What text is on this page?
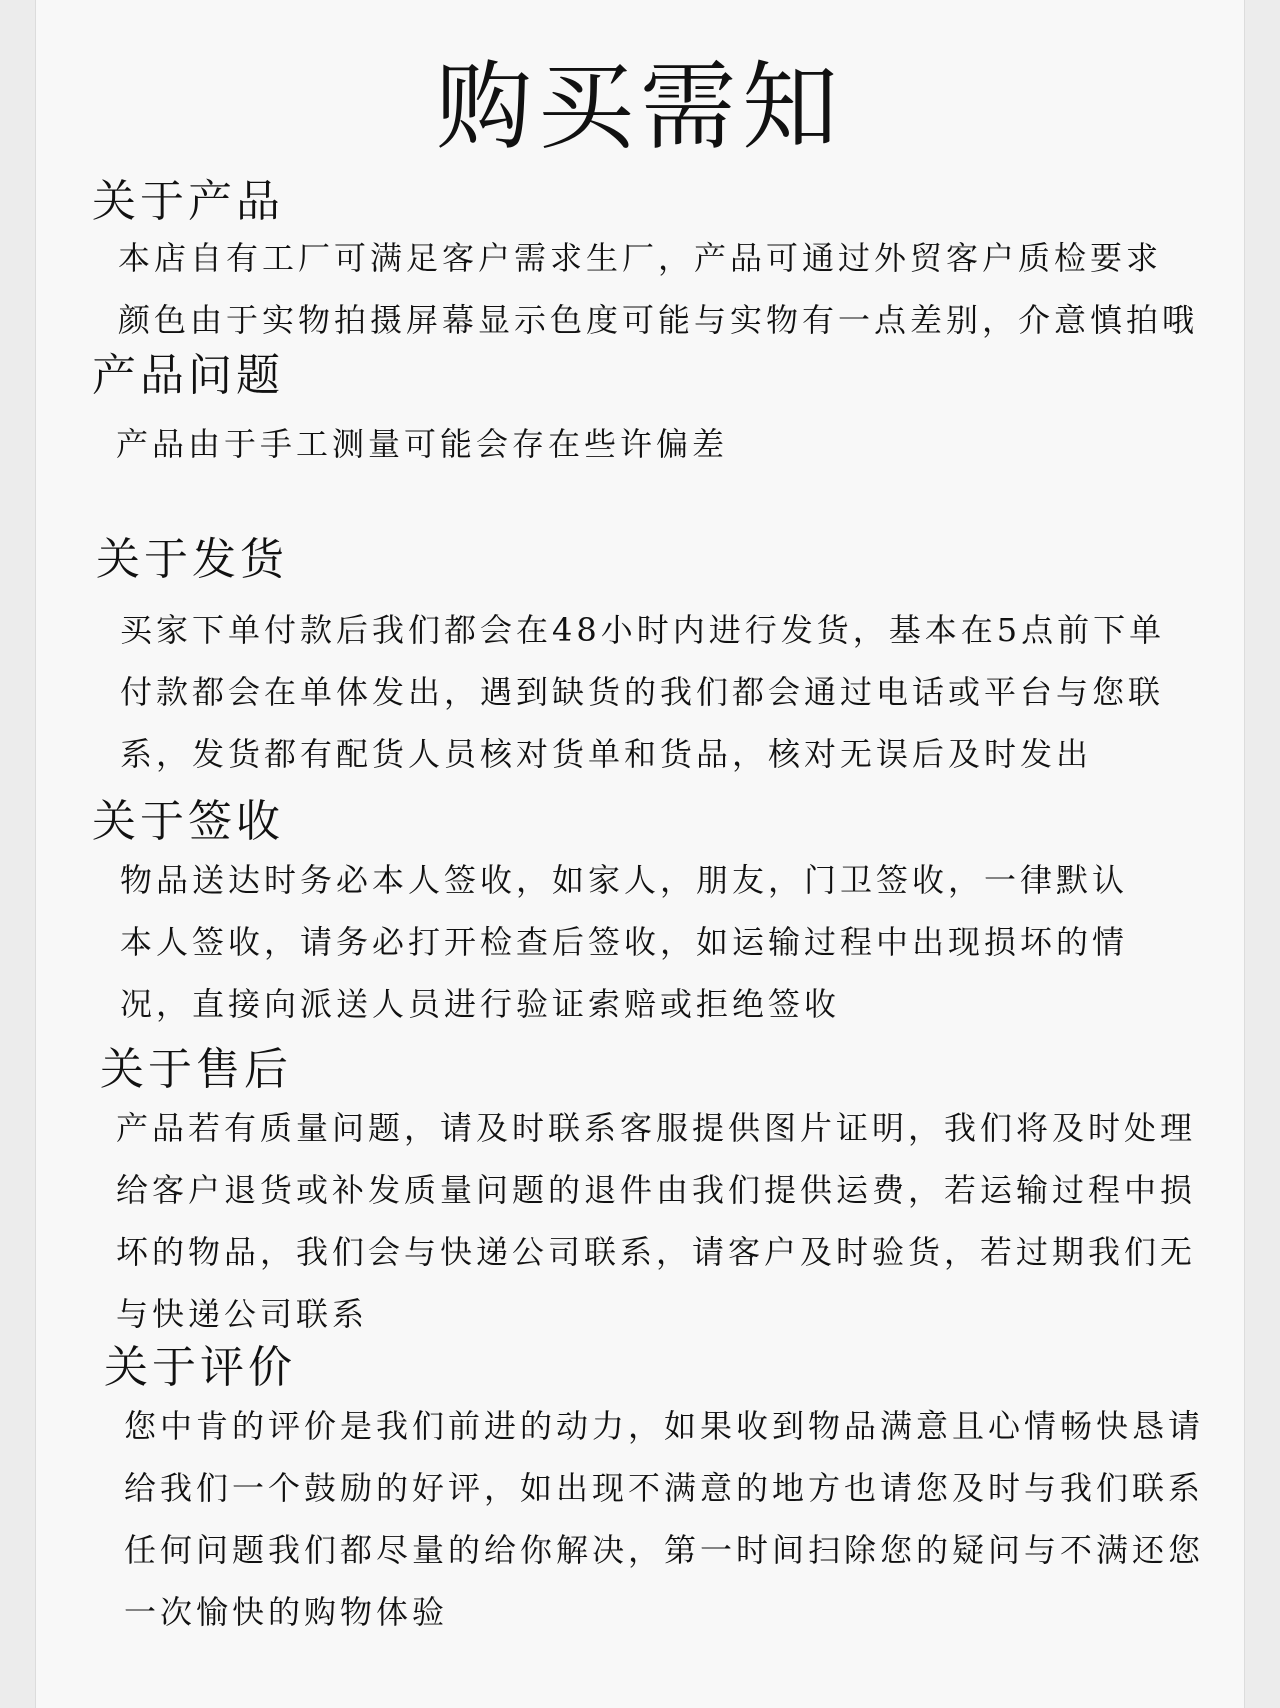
购买需知
关于产品

本店自有工厂可满足客户需求生厂，产品可通过外贸客户质检要求

颜色由于实物拍摄屏幕显示色度可能与实物有一点差别，介意慎拍哦

产品问题

产品由于手工测量可能会存在些许偏差

关于发货

买家下单付款后我们都会在48小时内进行发货，基本在5点前下单

付款都会在单体发出，遇到缺货的我们都会通过电话或平台与您联

系，发货都有配货人员核对货单和货品，核对无误后及时发出

关于签收

物品送达时务必本人签收，如家人，朋友，门卫签收，一律默认

本人签收，请务必打开检查后签收，如运输过程中出现损坏的情

况，直接向派送人员进行验证索赔或拒绝签收

关于售后

产品若有质量问题，请及时联系客服提供图片证明，我们将及时处理

给客户退货或补发质量问题的退件由我们提供运费，若运输过程中损

坏的物品，我们会与快递公司联系，请客户及时验货，若过期我们无

与快递公司联系

关于评价

您中肯的评价是我们前进的动力，如果收到物品满意且心情畅快恳请

给我们一个鼓励的好评，如出现不满意的地方也请您及时与我们联系

任何问题我们都尽量的给你解决，第一时间扫除您的疑问与不满还您

一次愉快的购物体验
